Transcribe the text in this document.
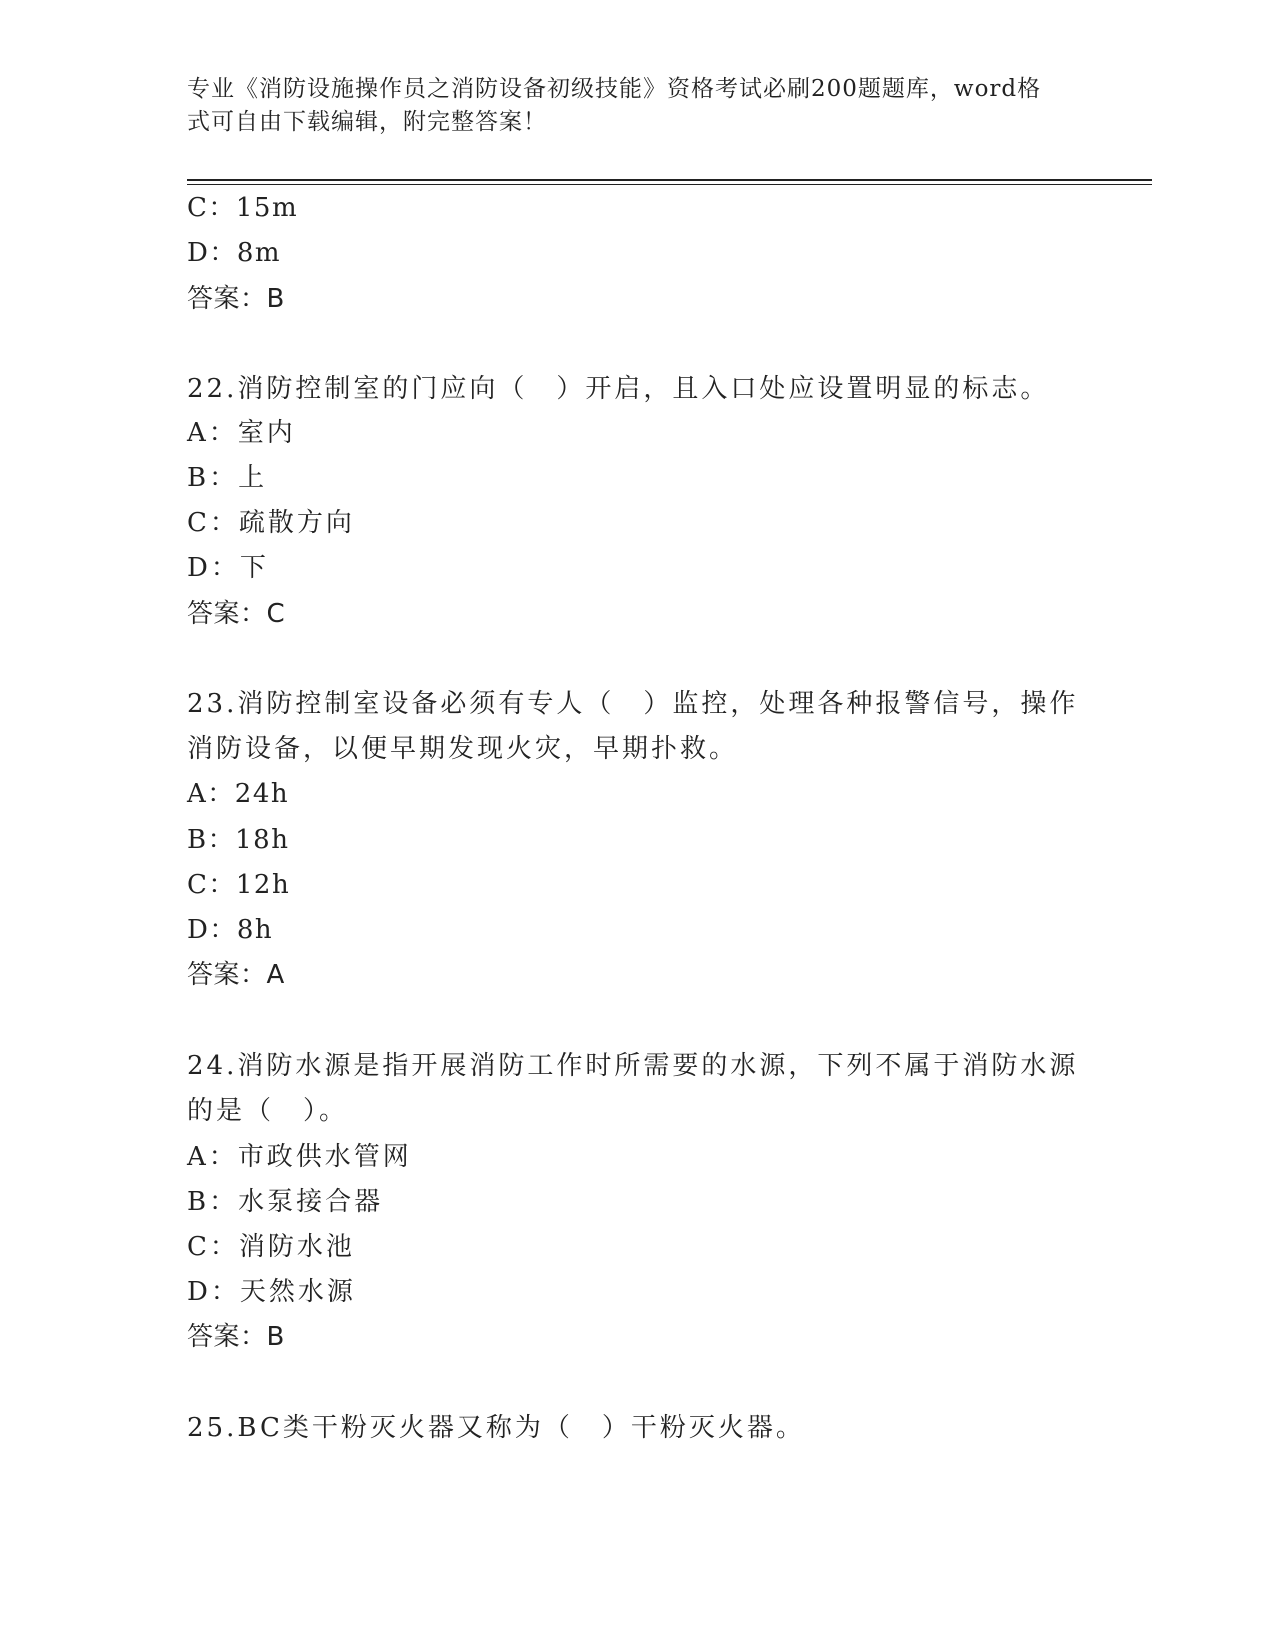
专业《消防设施操作员之消防设备初级技能》资格考试必刷200题题库，word格
式可自由下载编辑，附完整答案！
C：15m
D：8m
答案：B
22.消防控制室的门应向（　）开启，且入口处应设置明显的标志。
A：室内
B：上
C：疏散方向
D：下
答案：C
23.消防控制室设备必须有专人（　）监控，处理各种报警信号，操作
消防设备，以便早期发现火灾，早期扑救。
A：24h
B：18h
C：12h
D：8h
答案：A
24.消防水源是指开展消防工作时所需要的水源，下列不属于消防水源
的是（　）。
A：市政供水管网
B：水泵接合器
C：消防水池
D：天然水源
答案：B
25.BC类干粉灭火器又称为（　）干粉灭火器。
